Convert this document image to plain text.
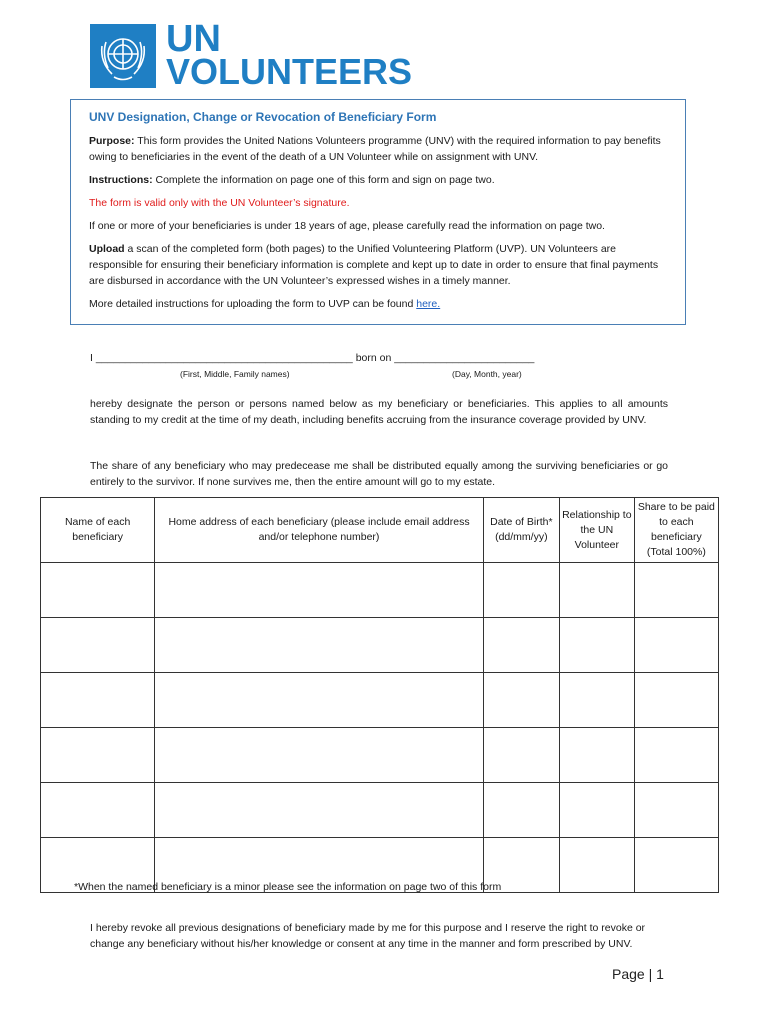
UN
VOLUNTEERS
UNV Designation, Change or Revocation of Beneficiary Form

Purpose: This form provides the United Nations Volunteers programme (UNV) with the required information to pay benefits owing to beneficiaries in the event of the death of a UN Volunteer while on assignment with UNV.

Instructions: Complete the information on page one of this form and sign on page two.

The form is valid only with the UN Volunteer’s signature.

If one or more of your beneficiaries is under 18 years of age, please carefully read the information on page two.

Upload a scan of the completed form (both pages) to the Unified Volunteering Platform (UVP). UN Volunteers are responsible for ensuring their beneficiary information is complete and kept up to date in order to ensure that final payments are disbursed in accordance with the UN Volunteer’s expressed wishes in a timely manner.

More detailed instructions for uploading the form to UVP can be found here.

I ____________________________________________ born on ________________________
(First, Middle, Family names)	(Day, Month, year)

hereby designate the person or persons named below as my beneficiary or beneficiaries. This applies to all amounts standing to my credit at the time of my death, including benefits accruing from the insurance coverage provided by UNV.

The share of any beneficiary who may predecease me shall be distributed equally among the surviving beneficiaries or go entirely to the survivor. If none survives me, then the entire amount will go to my estate.

Name of each beneficiary	Home address of each beneficiary (please include email address and/or telephone number)	Date of Birth* (dd/mm/yy)	Relationship to the UN Volunteer	Share to be paid to each beneficiary (Total 100%)

*When the named beneficiary is a minor please see the information on page two of this form

I hereby revoke all previous designations of beneficiary made by me for this purpose and I reserve the right to revoke or change any beneficiary without his/her knowledge or consent at any time in the manner and form prescribed by UNV.

Page | 1
